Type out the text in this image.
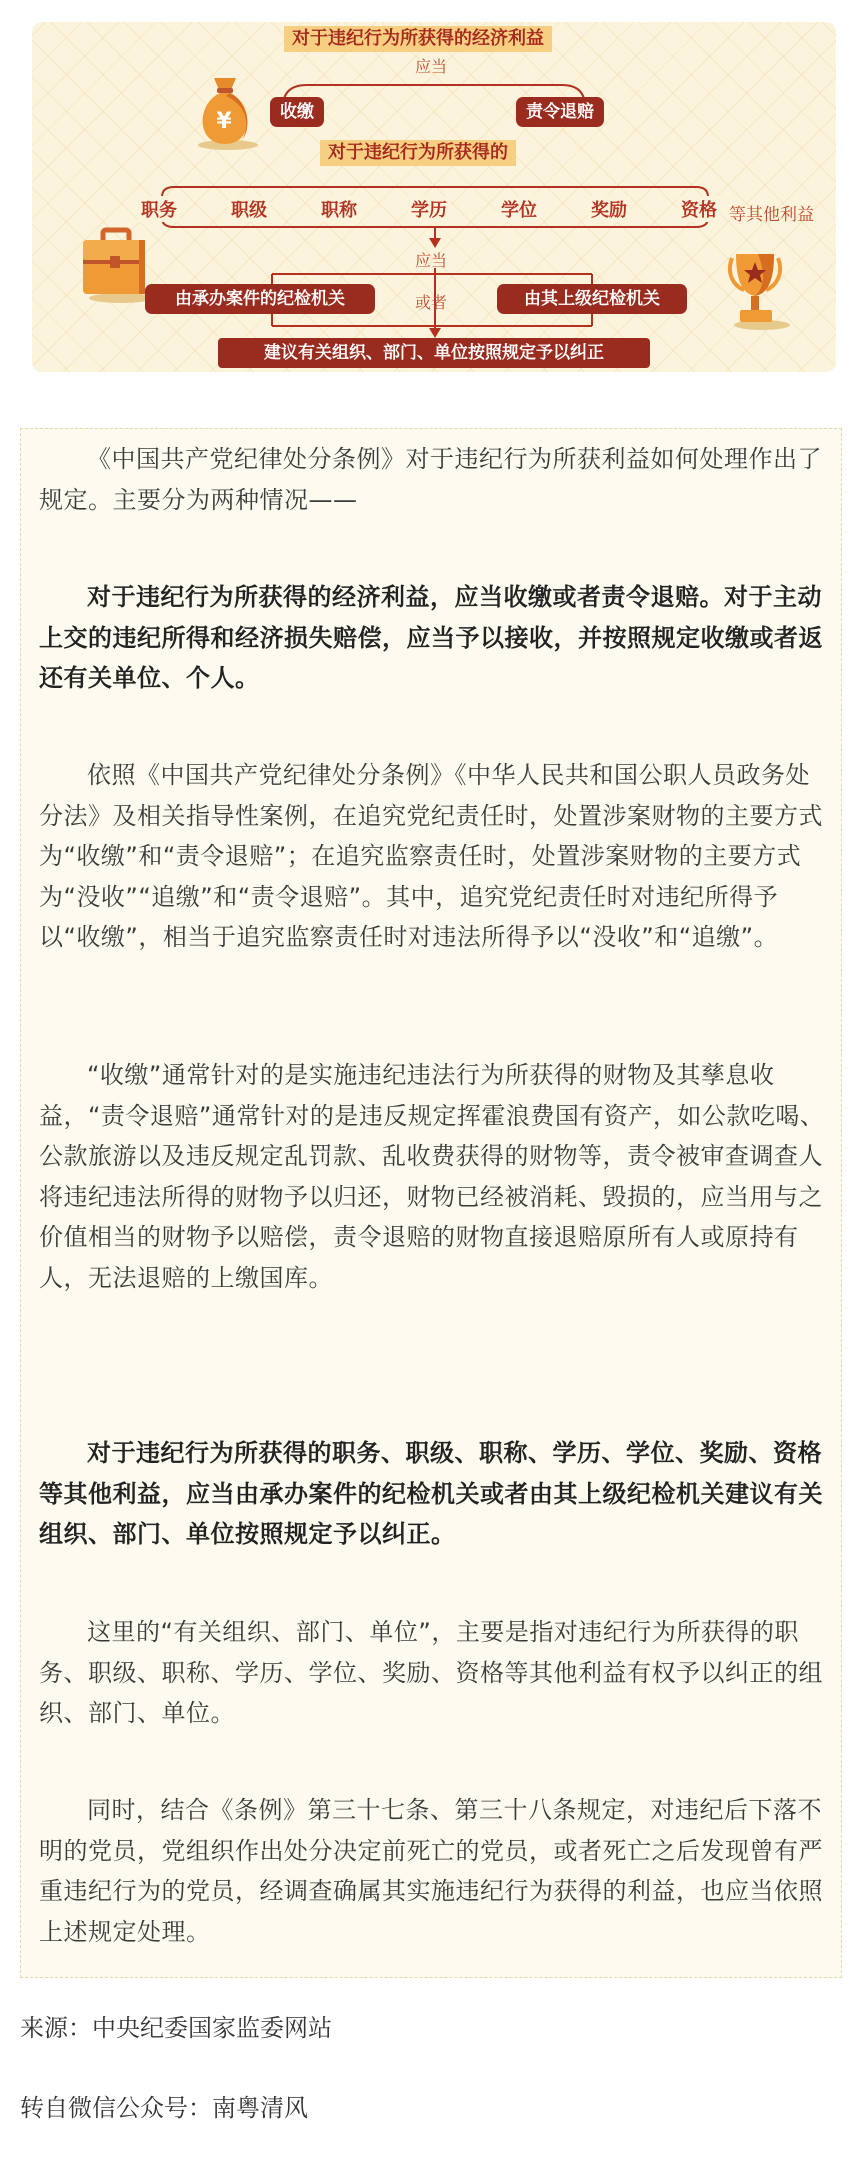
¥
对于违纪行为所获得的经济利益
应当
收缴	责令退赔
对于违纪行为所获得的
职务	职级	职称	学历	学位	奖励	资格 等其他利益
应当
由承办案件的纪检机关	或者	由其上级纪检机关
建议有关组织、部门、单位按照规定予以纠正

《中国共产党纪律处分条例》对于违纪行为所获利益如何处理作出了规定。主要分为两种情况——

对于违纪行为所获得的经济利益，应当收缴或者责令退赔。对于主动上交的违纪所得和经济损失赔偿，应当予以接收，并按照规定收缴或者返还有关单位、个人。

依照《中国共产党纪律处分条例》《中华人民共和国公职人员政务处分法》及相关指导性案例，在追究党纪责任时，处置涉案财物的主要方式为“收缴”和“责令退赔”；在追究监察责任时，处置涉案财物的主要方式为“没收”“追缴”和“责令退赔”。其中，追究党纪责任时对违纪所得予以“收缴”，相当于追究监察责任时对违法所得予以“没收”和“追缴”。

“收缴”通常针对的是实施违纪违法行为所获得的财物及其孳息收益，“责令退赔”通常针对的是违反规定挥霍浪费国有资产，如公款吃喝、公款旅游以及违反规定乱罚款、乱收费获得的财物等，责令被审查调查人将违纪违法所得的财物予以归还，财物已经被消耗、毁损的，应当用与之价值相当的财物予以赔偿，责令退赔的财物直接退赔原所有人或原持有人，无法退赔的上缴国库。

对于违纪行为所获得的职务、职级、职称、学历、学位、奖励、资格等其他利益，应当由承办案件的纪检机关或者由其上级纪检机关建议有关组织、部门、单位按照规定予以纠正。

这里的“有关组织、部门、单位”，主要是指对违纪行为所获得的职务、职级、职称、学历、学位、奖励、资格等其他利益有权予以纠正的组织、部门、单位。

同时，结合《条例》第三十七条、第三十八条规定，对违纪后下落不明的党员，党组织作出处分决定前死亡的党员，或者死亡之后发现曾有严重违纪行为的党员，经调查确属其实施违纪行为获得的利益，也应当依照上述规定处理。

来源：中央纪委国家监委网站
转自微信公众号：南粤清风
